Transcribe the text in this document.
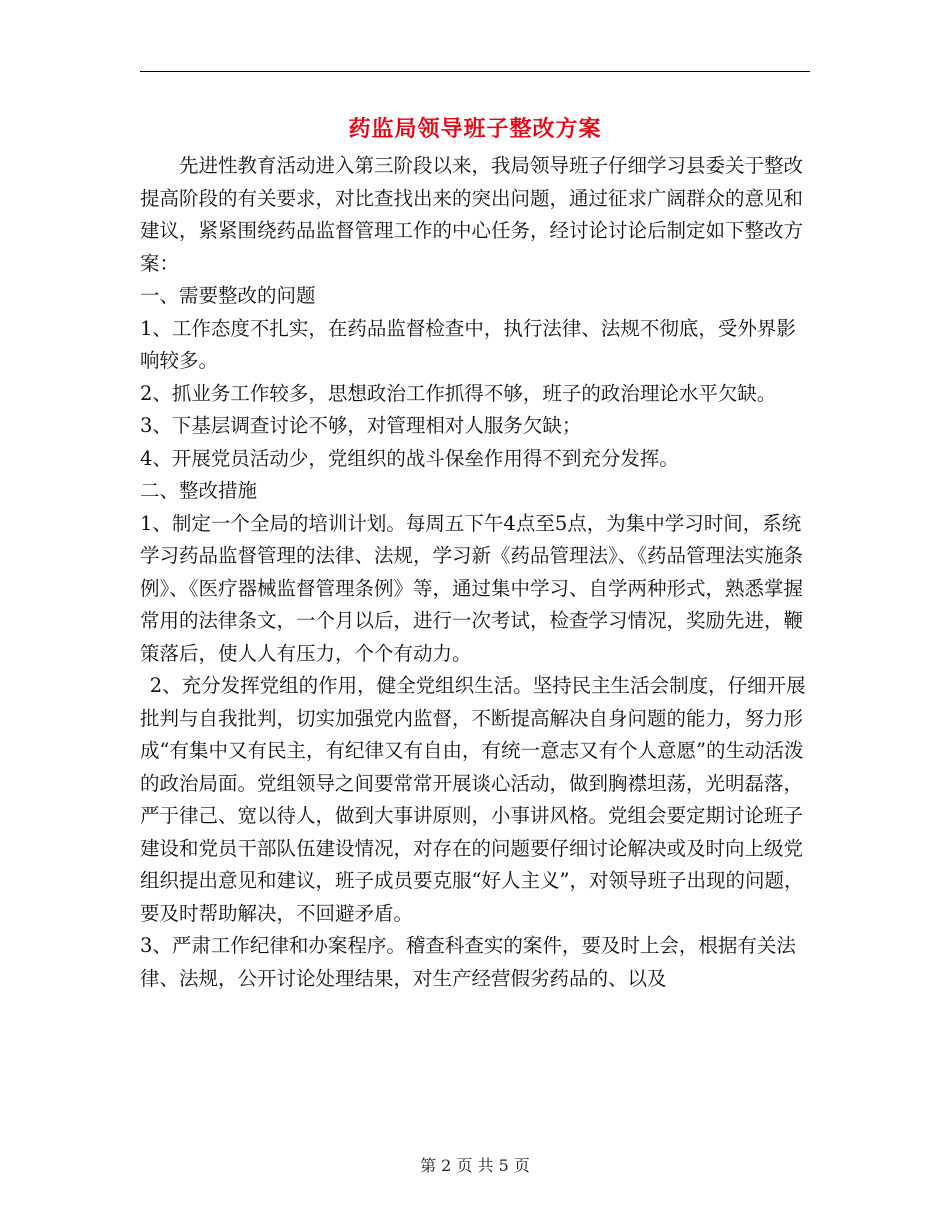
药监局领导班子整改方案

先进性教育活动进入第三阶段以来，我局领导班子仔细学习县委关于整改提高阶段的有关要求，对比查找出来的突出问题，通过征求广阔群众的意见和建议，紧紧围绕药品监督管理工作的中心任务，经讨论讨论后制定如下整改方案：

一、需要整改的问题

1、工作态度不扎实，在药品监督检查中，执行法律、法规不彻底，受外界影响较多。

2、抓业务工作较多，思想政治工作抓得不够，班子的政治理论水平欠缺。

3、下基层调查讨论不够，对管理相对人服务欠缺；

4、开展党员活动少，党组织的战斗保垒作用得不到充分发挥。

二、整改措施

1、制定一个全局的培训计划。每周五下午4点至5点，为集中学习时间，系统学习药品监督管理的法律、法规，学习新《药品管理法》、《药品管理法实施条例》、《医疗器械监督管理条例》等，通过集中学习、自学两种形式，熟悉掌握常用的法律条文，一个月以后，进行一次考试，检查学习情况，奖励先进，鞭策落后，使人人有压力，个个有动力。

2、充分发挥党组的作用，健全党组织生活。坚持民主生活会制度，仔细开展批判与自我批判，切实加强党内监督，不断提高解决自身问题的能力，努力形成“有集中又有民主，有纪律又有自由，有统一意志又有个人意愿”的生动活泼的政治局面。党组领导之间要常常开展谈心活动，做到胸襟坦荡，光明磊落，严于律己、宽以待人，做到大事讲原则，小事讲风格。党组会要定期讨论班子建设和党员干部队伍建设情况，对存在的问题要仔细讨论解决或及时向上级党组织提出意见和建议，班子成员要克服“好人主义”，对领导班子出现的问题，要及时帮助解决，不回避矛盾。

3、严肃工作纪律和办案程序。稽查科查实的案件，要及时上会，根据有关法律、法规，公开讨论处理结果，对生产经营假劣药品的、以及

第 2 页 共 5 页
